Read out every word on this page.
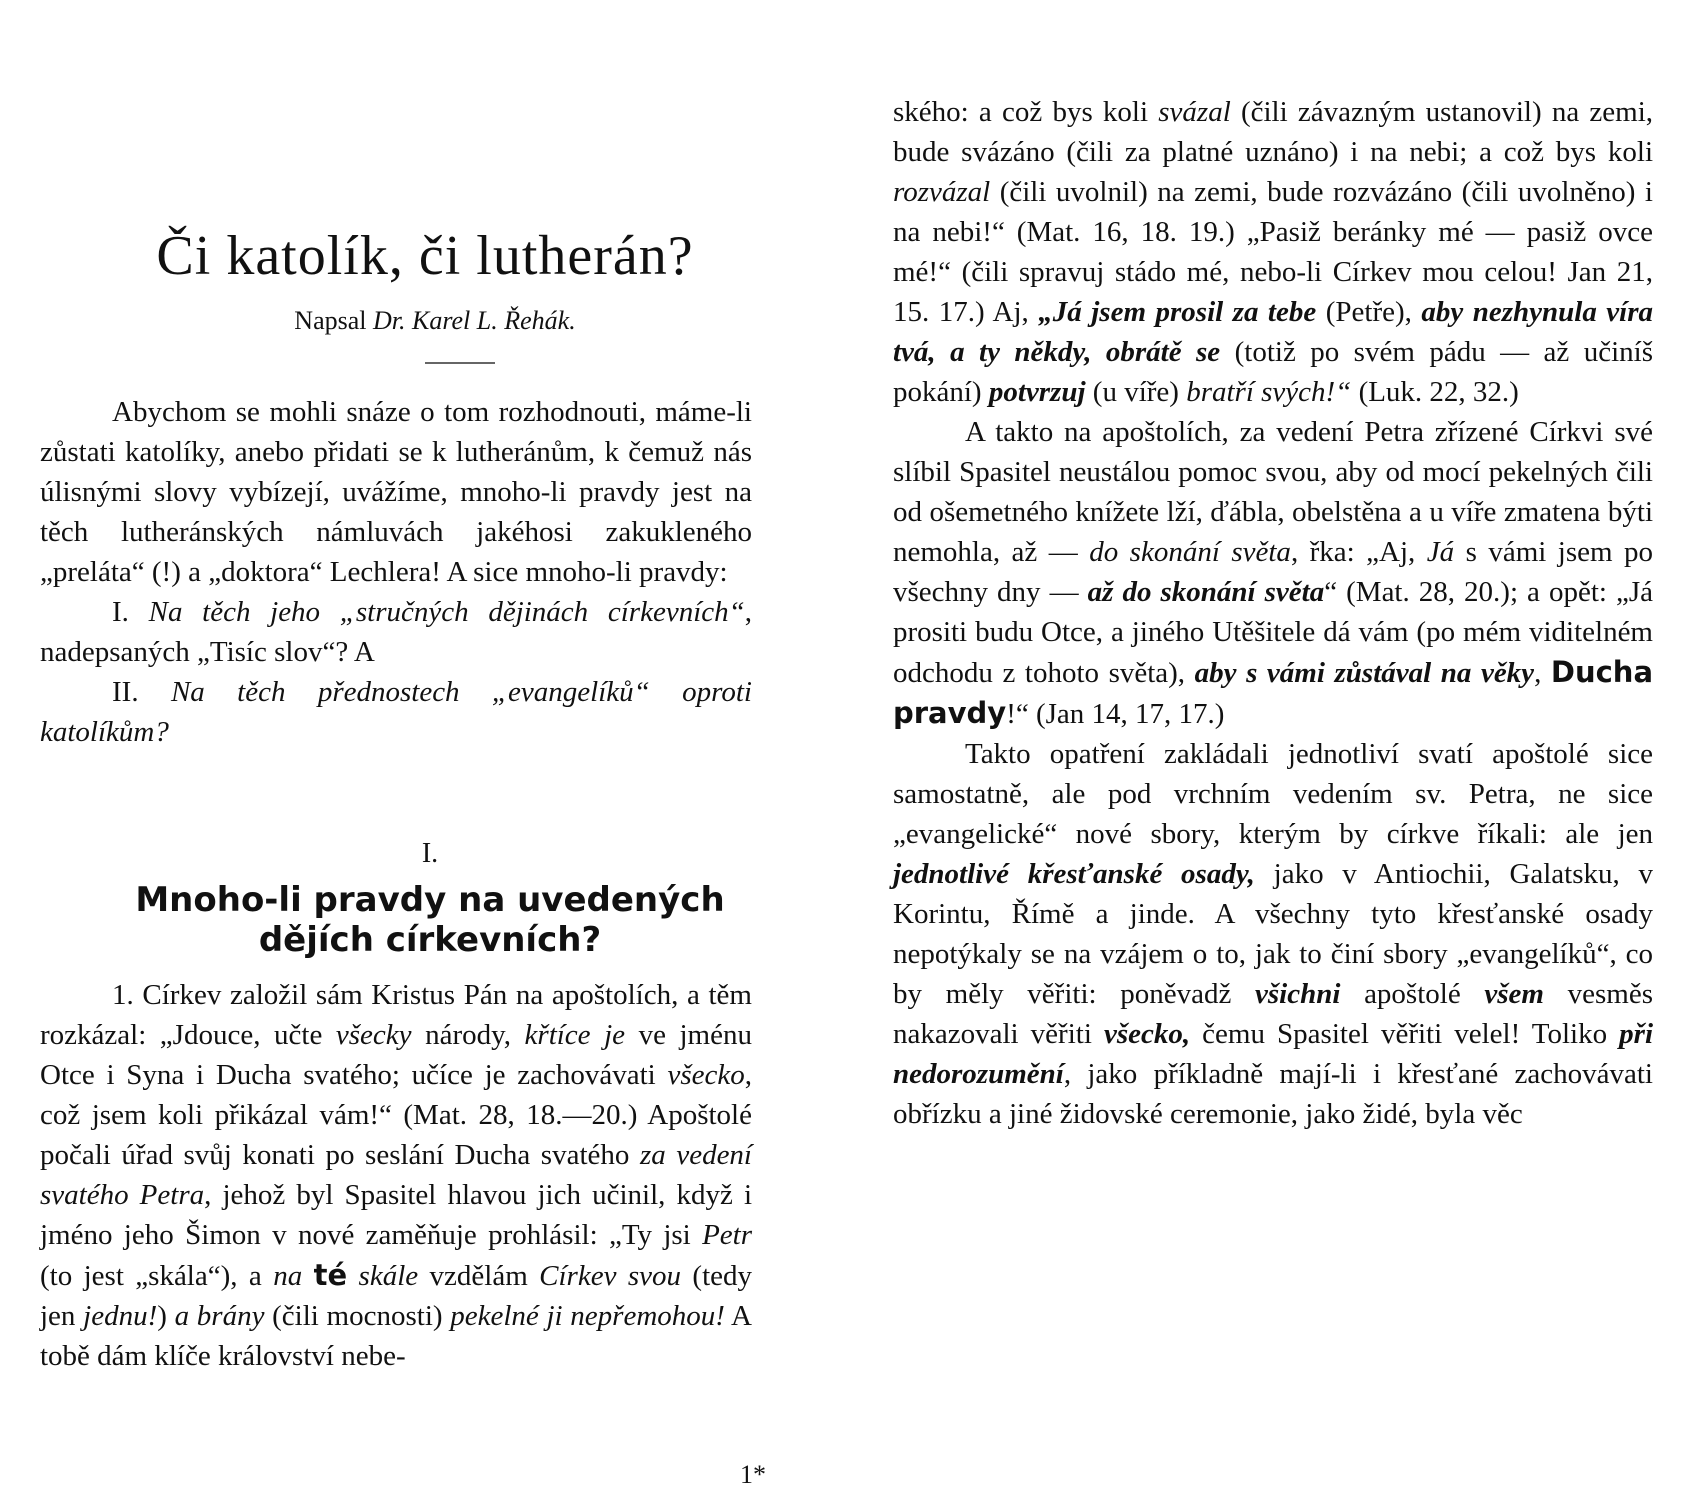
Či katolík, či lutherán?
Napsal Dr. Karel L. Řehák.

Abychom se mohli snáze o tom rozhodnouti, máme-li zůstati katolíky, anebo přidati se k lutheránům, k čemuž nás úlisnými slovy vybízejí, uvážíme, mnoho-li pravdy jest na těch lutheránských námluvách jakéhosi zakukleného „preláta“ (!) a „doktora“ Lechlera! A sice mnoho-li pravdy:

I. Na těch jeho „stručných dějinách církevních“, nadepsaných „Tisíc slov“? A

II. Na těch přednostech „evangelíků“ oproti katolíkům?

I.
Mnoho-li pravdy na uvedených
dějích církevních?

1. Církev založil sám Kristus Pán na apoštolích, a těm rozkázal: „Jdouce, učte všecky národy, křtíce je ve jménu Otce i Syna i Ducha svatého; učíce je zachovávati všecko, což jsem koli přikázal vám!“ (Mat. 28, 18.—20.) Apoštolé počali úřad svůj konati po seslání Ducha svatého za vedení svatého Petra, jehož byl Spasitel hlavou jich učinil, když i jméno jeho Šimon v nové zaměňuje prohlásil: „Ty jsi Petr (to jest „skála“), a na té skále vzdělám Církev svou (tedy jen jednu!) a brány (čili mocnosti) pekelné ji nepřemohou! A tobě dám klíče království nebe-

1*

ského: a což bys koli svázal (čili závazným ustanovil) na zemi, bude svázáno (čili za platné uznáno) i na nebi; a což bys koli rozvázal (čili uvolnil) na zemi, bude rozvázáno (čili uvolněno) i na nebi!“ (Mat. 16, 18. 19.) „Pasiž beránky mé — pasiž ovce mé!“ (čili spravuj stádo mé, nebo-li Církev mou celou! Jan 21, 15. 17.) Aj, „Já jsem prosil za tebe (Petře), aby nezhynula víra tvá, a ty někdy, obrátě se (totiž po svém pádu — až učiníš pokání) potvrzuj (u víře) bratří svých!“ (Luk. 22, 32.)

A takto na apoštolích, za vedení Petra zřízené Církvi své slíbil Spasitel neustálou pomoc svou, aby od mocí pekelných čili od ošemetného knížete lží, ďábla, obelstěna a u víře zmatena býti nemohla, až — do skonání světa, řka: „Aj, Já s vámi jsem po všechny dny — až do skonání světa“ (Mat. 28, 20.); a opět: „Já prositi budu Otce, a jiného Utěšitele dá vám (po mém viditelném odchodu z tohoto světa), aby s vámi zůstával na věky, Ducha pravdy!“ (Jan 14, 17, 17.)

Takto opatření zakládali jednotliví svatí apoštolé sice samostatně, ale pod vrchním vedením sv. Petra, ne sice „evangelické“ nové sbory, kterým by církve říkali: ale jen jednotlivé křesťanské osady, jako v Antiochii, Galatsku, v Korintu, Římě a jinde. A všechny tyto křesťanské osady nepotýkaly se na vzájem o to, jak to činí sbory „evangelíků“, co by měly věřiti: poněvadž všichni apoštolé všem vesměs nakazovali věřiti všecko, čemu Spasitel věřiti velel! Toliko při nedorozumění, jako příkladně mají-li i křesťané zachovávati obřízku a jiné židovské ceremonie, jako židé, byla věc
